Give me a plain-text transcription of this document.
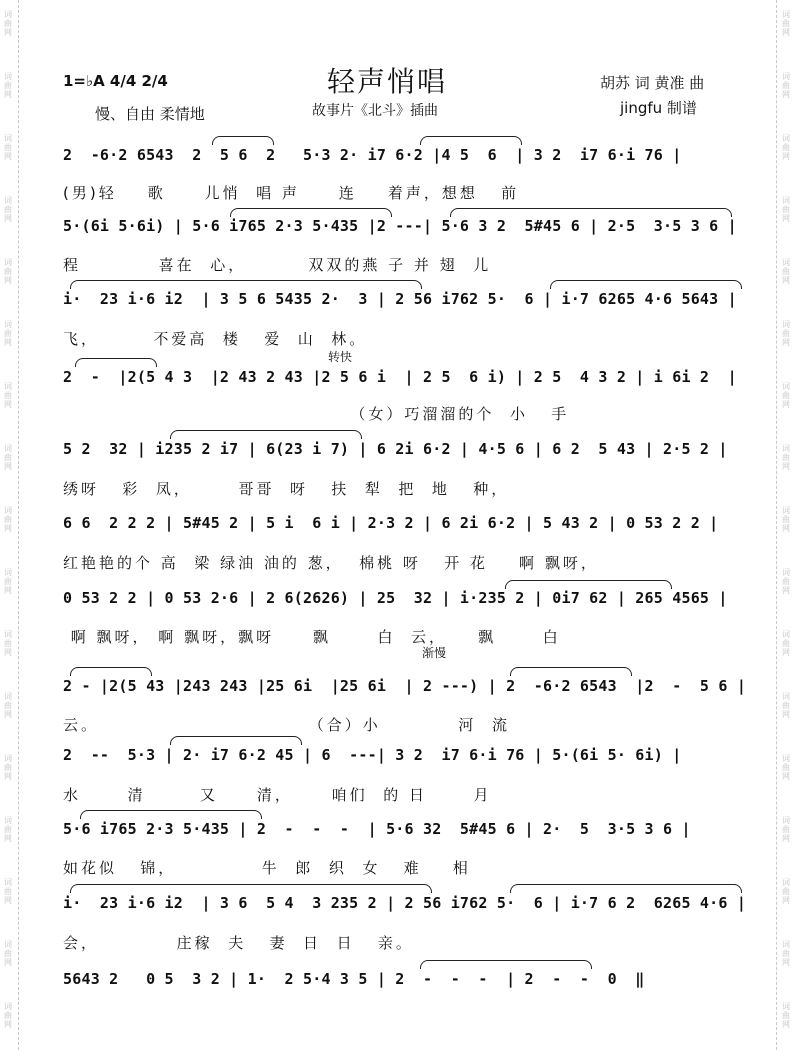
词
曲
网
词
曲
网
词
曲
网
词
曲
网
词
曲
网
词
曲
网
词
曲
网
词
曲
网
词
曲
网
词
曲
网
词
曲
网
词
曲
网
词
曲
网
词
曲
网
词
曲
网
词
曲
网
词
曲
网
词
曲
网
词
曲
网
词
曲
网
词
曲
网
词
曲
网
词
曲
网
词
曲
网
词
曲
网
词
曲
网
词
曲
网
词
曲
网
词
曲
网
词
曲
网
词
曲
网
词
曲
网
词
曲
网
词
曲
网
轻声悄唱
1=♭A 4/4 2/4
慢、自由 柔情地	故事片《北斗》插曲
胡苏 词 黄准 曲
jingfu 制谱
转快
渐慢
2  -6·2 6543  2  5 6  2   5·3 2· i7 6·2 |4 5  6  | 3 2  i7 6·i 76 |
(男)轻    歌     儿悄  唱 声     连    着声，想想   前
5·(6i 5·6i) | 5·6 i765 2·3 5·435 |2 ---| 5·6 3 2  5#45 6 | 2·5  3·5 3 6 |
程          喜在  心，        双双的燕 子 并 翅  儿
i·  23 i·6 i2  | 3 5 6 5435 2·  3 | 2 56 i762 5·  6 | i·7 6265 4·6 5643 |
飞，       不爱高  楼   爱  山  林。
2  -  |2(5 4 3  |2 43 2 43 |2 5 6 i  | 2 5  6 i) | 2 5  4 3 2 | i 6i 2  |
（女）巧溜溜的个  小   手
5 2  32 | i235 2 i7 | 6(23 i 7) | 6 2i 6·2 | 4·5 6 | 6 2  5 43 | 2·5 2 |
绣呀   彩  凤，      哥哥  呀   扶  犁  把  地   种，
6 6  2 2 2 | 5#45 2 | 5 i  6 i | 2·3 2 | 6 2i 6·2 | 5 43 2 | 0 53 2 2 |
红艳艳的个 高  梁 绿油 油的 葱，  棉桃 呀   开 花    啊 飘呀，
0 53 2 2 | 0 53 2·6 | 2 6(2626) | 25  32 | i·235 2 | 0i7 62 | 265 4565 |
啊 飘呀， 啊 飘呀，飘呀     飘      白  云，    飘      白
2 - |2(5 43 |243 243 |25 6i  |25 6i  | 2 ---) | 2  -6·2 6543  |2  -  5 6 |
云。                           （合）小          河  流
2  --  5·3 | 2· i7 6·2 45 | 6  ---| 3 2  i7 6·i 76 | 5·(6i 5· 6i) |
水      清       又     清，     咱们  的 日      月
5·6 i765 2·3 5·435 | 2  -  -  -  | 5·6 32  5#45 6 | 2·  5  3·5 3 6 |
如花似   锦，           牛  郎  织  女   难    相
i·  23 i·6 i2  | 3 6  5 4  3 235 2 | 2 56 i762 5·  6 | i·7 6 2  6265 4·6 |
会，          庄稼  夫   妻  日  日   亲。
5643 2   0 5  3 2 | 1·  2 5·4 3 5 | 2  -  -  -  | 2  -  -  0  ‖
